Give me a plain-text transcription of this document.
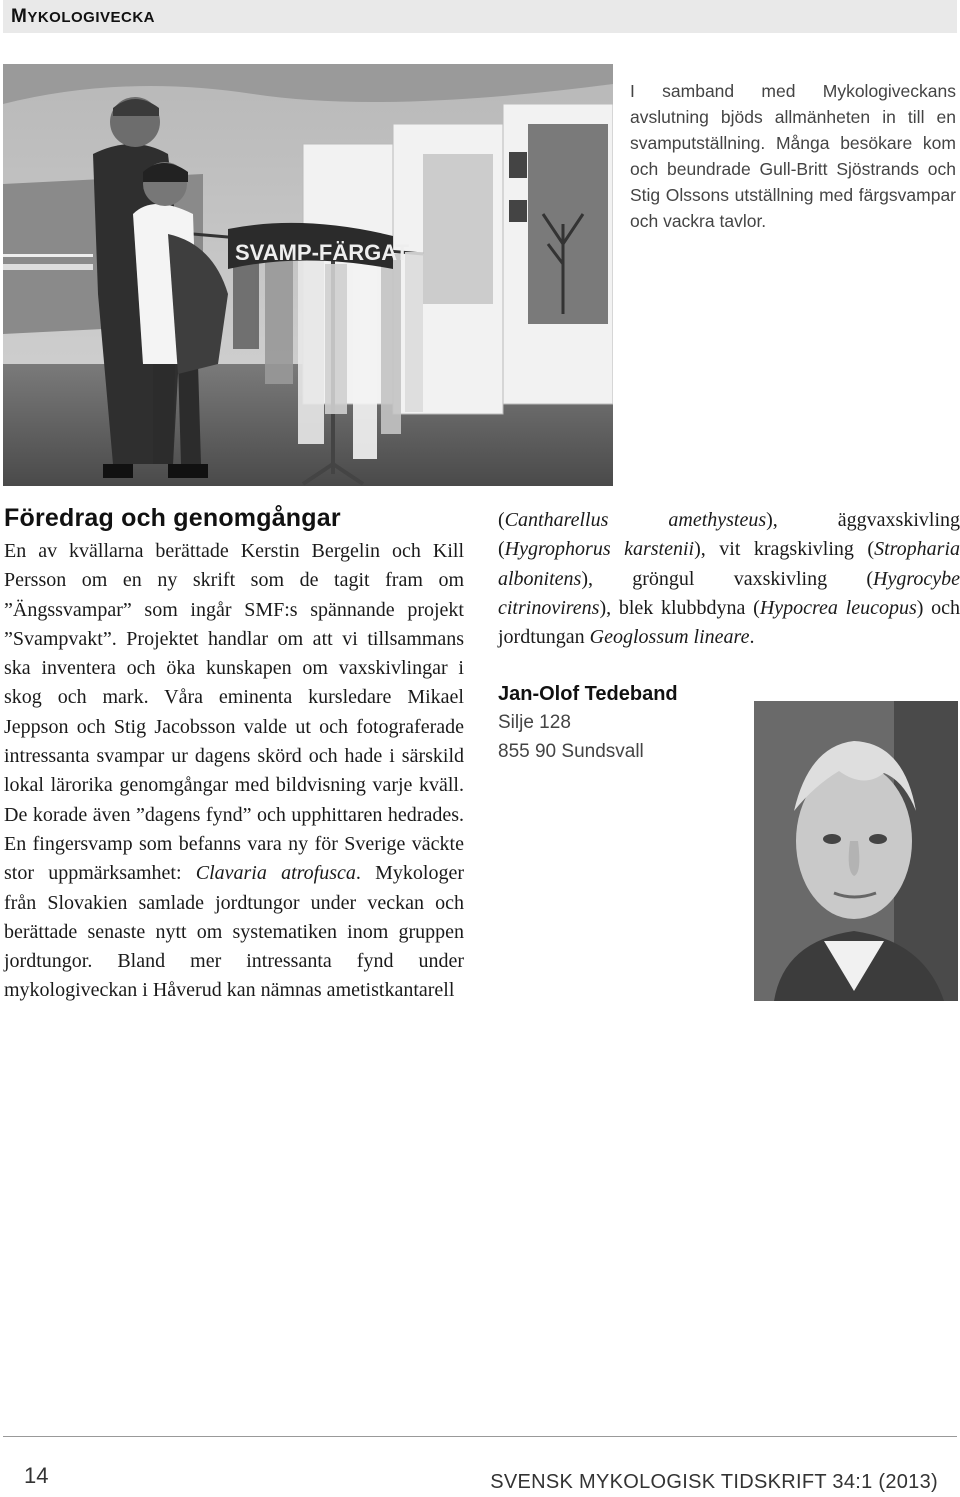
MYKOLOGIVECKA
SVAMP-FÄRGAT

I samband med Mykologiveckans avslutning bjöds allmänheten in till en svamputställning. Många besökare kom och beundrade Gull-Britt Sjöstrands och Stig Olssons utställning med färgsvampar och vackra tavlor.

Föredrag och genomgångar

En av kvällarna berättade Kerstin Bergelin och Kill Persson om en ny skrift som de tagit fram om ”Ängssvampar” som ingår SMF:s spännande projekt ”Svampvakt”. Projektet handlar om att vi tillsammans ska inventera och öka kunskapen om vaxskivlingar i skog och mark. Våra eminenta kursledare Mikael Jeppson och Stig Jacobsson valde ut och fotograferade intressanta svampar ur dagens skörd och hade i särskild lokal lärorika genomgångar med bildvisning varje kväll. De korade även ”dagens fynd” och upphittaren hedrades. En fingersvamp som befanns vara ny för Sverige väckte stor uppmärksamhet: Clavaria atrofusca. Mykologer från Slovakien samlade jordtungor under veckan och berättade senaste nytt om systematiken inom gruppen jordtungor. Bland mer intressanta fynd under mykologiveckan i Håverud kan nämnas ametistkantarell

(Cantharellus amethysteus), äggvaxskivling (Hygrophorus karstenii), vit kragskivling (Stropharia albonitens), gröngul vaxskivling (Hygrocybe citrinovirens), blek klubbdyna (Hypocrea leucopus) och jordtungan Geoglossum lineare.

Jan-Olof Tedeband
Silje 128
855 90 Sundsvall
14	SVENSK MYKOLOGISK TIDSKRIFT 34:1 (2013)
